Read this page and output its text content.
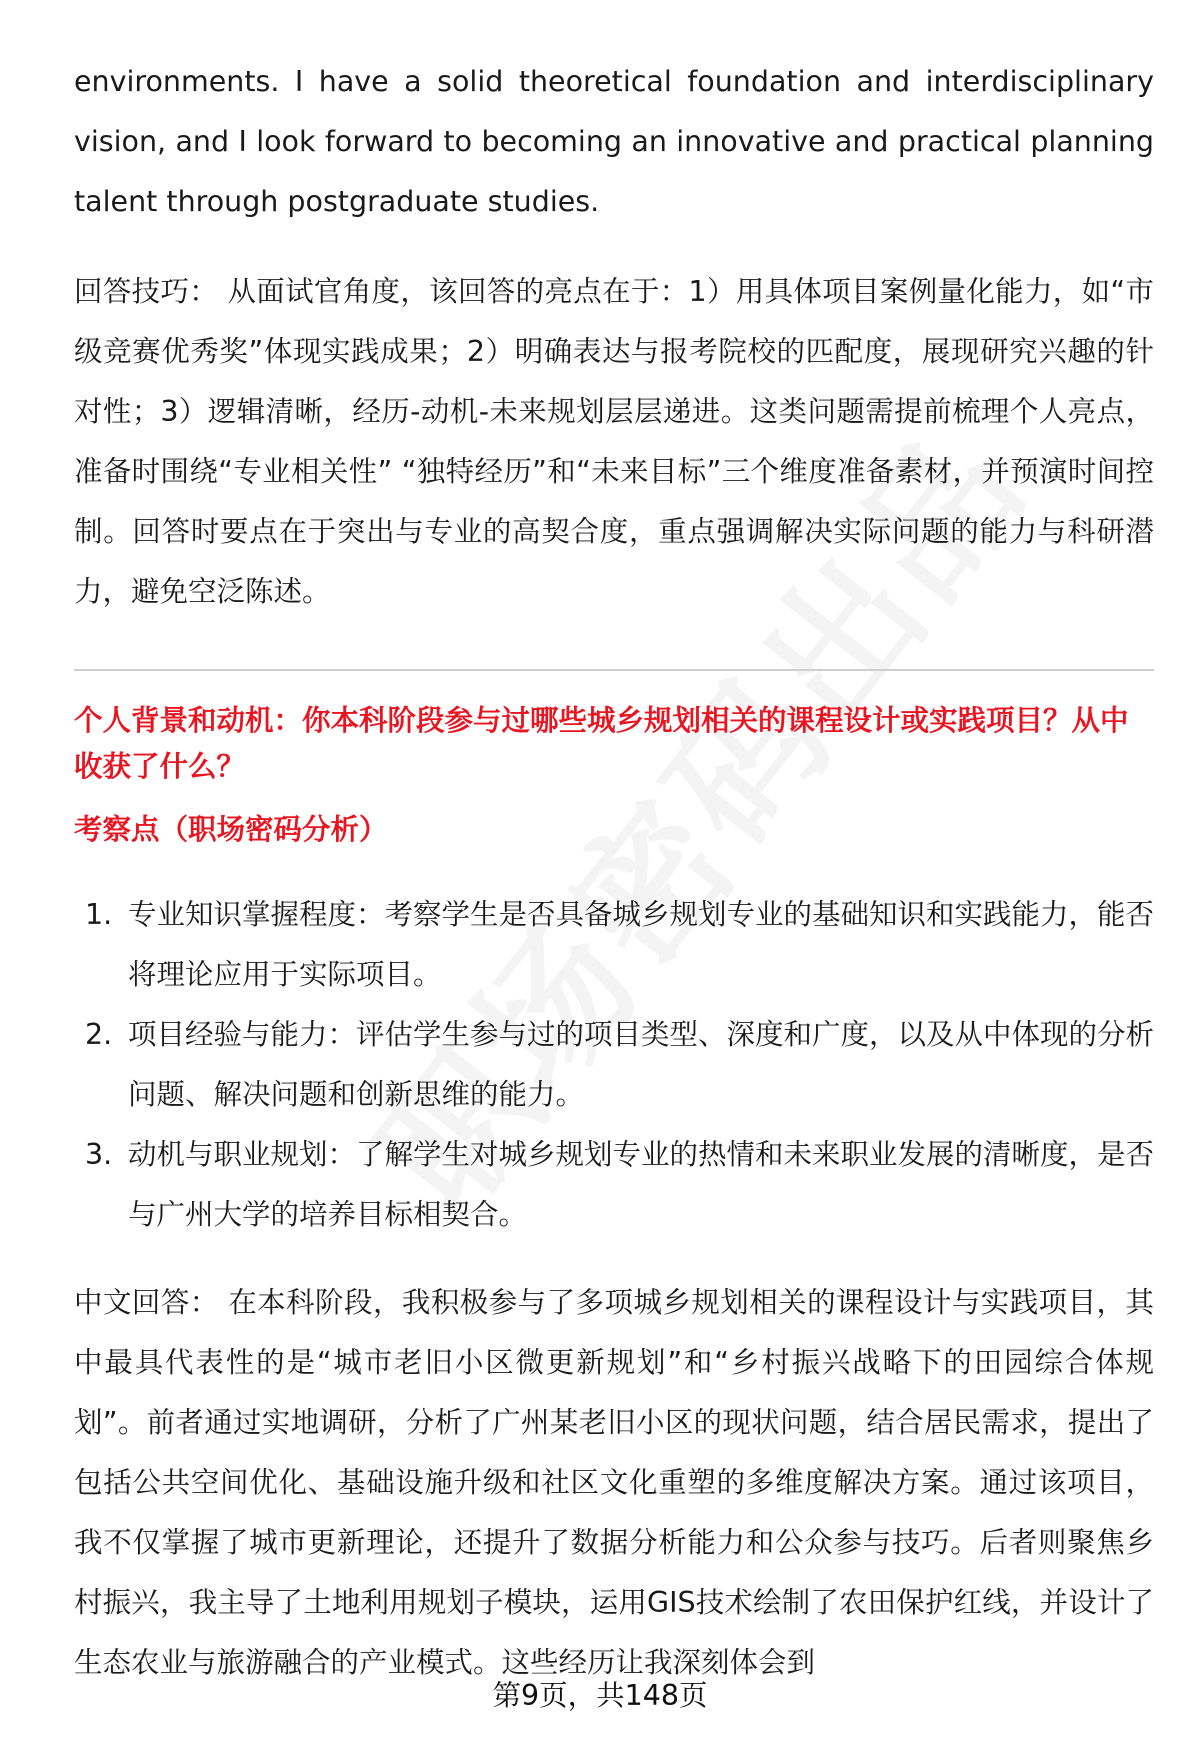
environments. I have a solid theoretical foundation and interdisciplinary vision, and I look forward to becoming an innovative and practical planning talent through postgraduate studies.

回答技巧： 从面试官角度，该回答的亮点在于：1）用具体项目案例量化能力，如“市级竞赛优秀奖”体现实践成果；2）明确表达与报考院校的匹配度，展现研究兴趣的针对性；3）逻辑清晰，经历-动机-未来规划层层递进。这类问题需提前梳理个人亮点，准备时围绕“专业相关性” “独特经历”和“未来目标”三个维度准备素材，并预演时间控制。回答时要点在于突出与专业的高契合度，重点强调解决实际问题的能力与科研潜力，避免空泛陈述。

个人背景和动机：你本科阶段参与过哪些城乡规划相关的课程设计或实践项目？从中收获了什么？

考察点（职场密码分析）

1. 专业知识掌握程度：考察学生是否具备城乡规划专业的基础知识和实践能力，能否将理论应用于实际项目。
2. 项目经验与能力：评估学生参与过的项目类型、深度和广度，以及从中体现的分析问题、解决问题和创新思维的能力。
3. 动机与职业规划：了解学生对城乡规划专业的热情和未来职业发展的清晰度，是否与广州大学的培养目标相契合。

中文回答： 在本科阶段，我积极参与了多项城乡规划相关的课程设计与实践项目，其中最具代表性的是“城市老旧小区微更新规划”和“乡村振兴战略下的田园综合体规划”。前者通过实地调研，分析了广州某老旧小区的现状问题，结合居民需求，提出了包括公共空间优化、基础设施升级和社区文化重塑的多维度解决方案。通过该项目，我不仅掌握了城市更新理论，还提升了数据分析能力和公众参与技巧。后者则聚焦乡村振兴，我主导了土地利用规划子模块，运用GIS技术绘制了农田保护红线，并设计了生态农业与旅游融合的产业模式。这些经历让我深刻体会到

第9页，共148页
